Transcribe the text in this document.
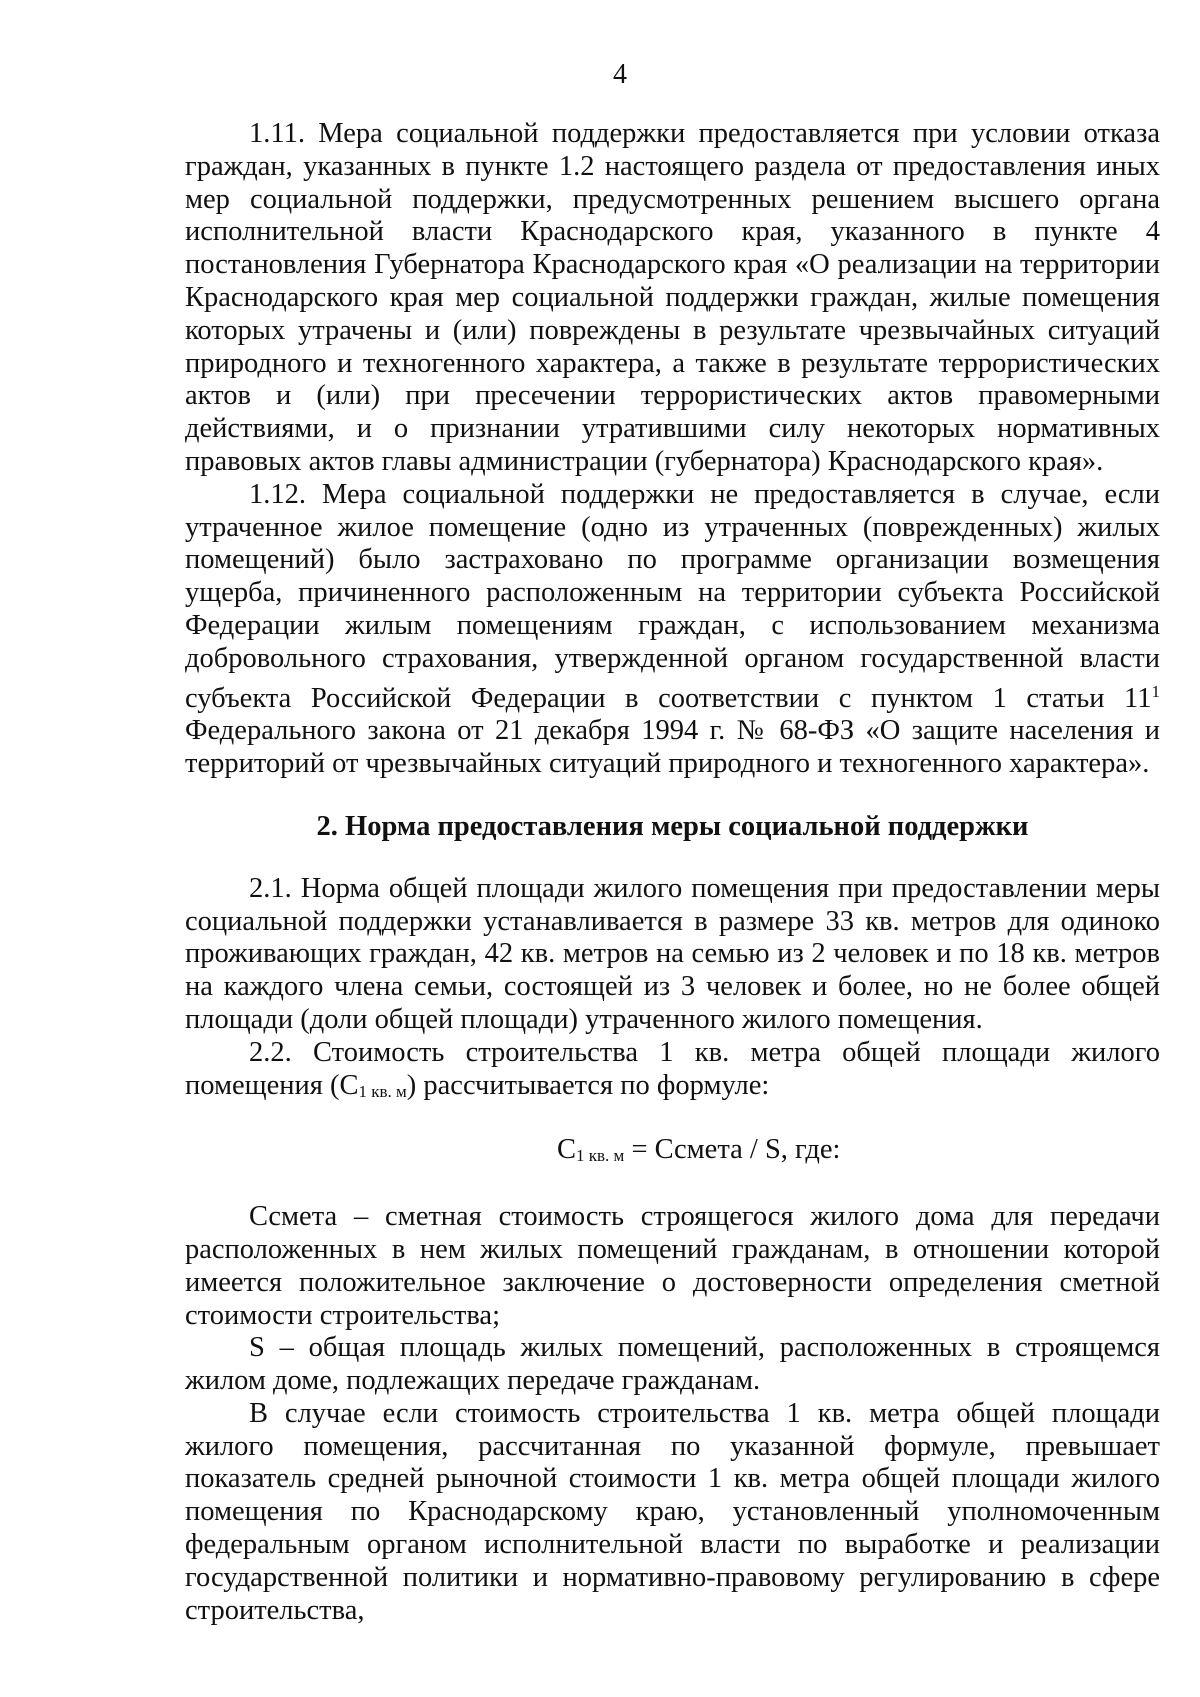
4

1.11. Мера социальной поддержки предоставляется при условии отказа граждан, указанных в пункте 1.2 настоящего раздела от предоставления иных мер социальной поддержки, предусмотренных решением высшего органа исполнительной власти Краснодарского края, указанного в пункте 4 постановления Губернатора Краснодарского края «О реализации на территории Краснодарского края мер социальной поддержки граждан, жилые помещения которых утрачены и (или) повреждены в результате чрезвычайных ситуаций природного и техногенного характера, а также в результате террористических актов и (или) при пресечении террористических актов правомерными действиями, и о признании утратившими силу некоторых нормативных правовых актов главы администрации (губернатора) Краснодарского края».

1.12. Мера социальной поддержки не предоставляется в случае, если утраченное жилое помещение (одно из утраченных (поврежденных) жилых помещений) было застраховано по программе организации возмещения ущерба, причиненного расположенным на территории субъекта Российской Федерации жилым помещениям граждан, с использованием механизма добровольного страхования, утвержденной органом государственной власти субъекта Российской Федерации в соответствии с пунктом 1 статьи $11^1$ Федерального закона от 21 декабря 1994 г. № 68-ФЗ «О защите населения и территорий от чрезвычайных ситуаций природного и техногенного характера».

2. Норма предоставления меры социальной поддержки

2.1. Норма общей площади жилого помещения при предоставлении меры социальной поддержки устанавливается в размере 33 кв. метров для одиноко проживающих граждан, 42 кв. метров на семью из 2 человек и по 18 кв. метров на каждого члена семьи, состоящей из 3 человек и более, но не более общей площади (доли общей площади) утраченного жилого помещения.

2.2. Стоимость строительства 1 кв. метра общей площади жилого помещения (С1 кв. м) рассчитывается по формуле:

С1 кв. м = Ссмета / S, где:

Ссмета – сметная стоимость строящегося жилого дома для передачи расположенных в нем жилых помещений гражданам, в отношении которой имеется положительное заключение о достоверности определения сметной стоимости строительства;

S – общая площадь жилых помещений, расположенных в строящемся жилом доме, подлежащих передаче гражданам.

В случае если стоимость строительства 1 кв. метра общей площади жилого помещения, рассчитанная по указанной формуле, превышает показатель средней рыночной стоимости 1 кв. метра общей площади жилого помещения по Краснодарскому краю, установленный уполномоченным федеральным органом исполнительной власти по выработке и реализации государственной политики и нормативно-правовому регулированию в сфере строительства,
